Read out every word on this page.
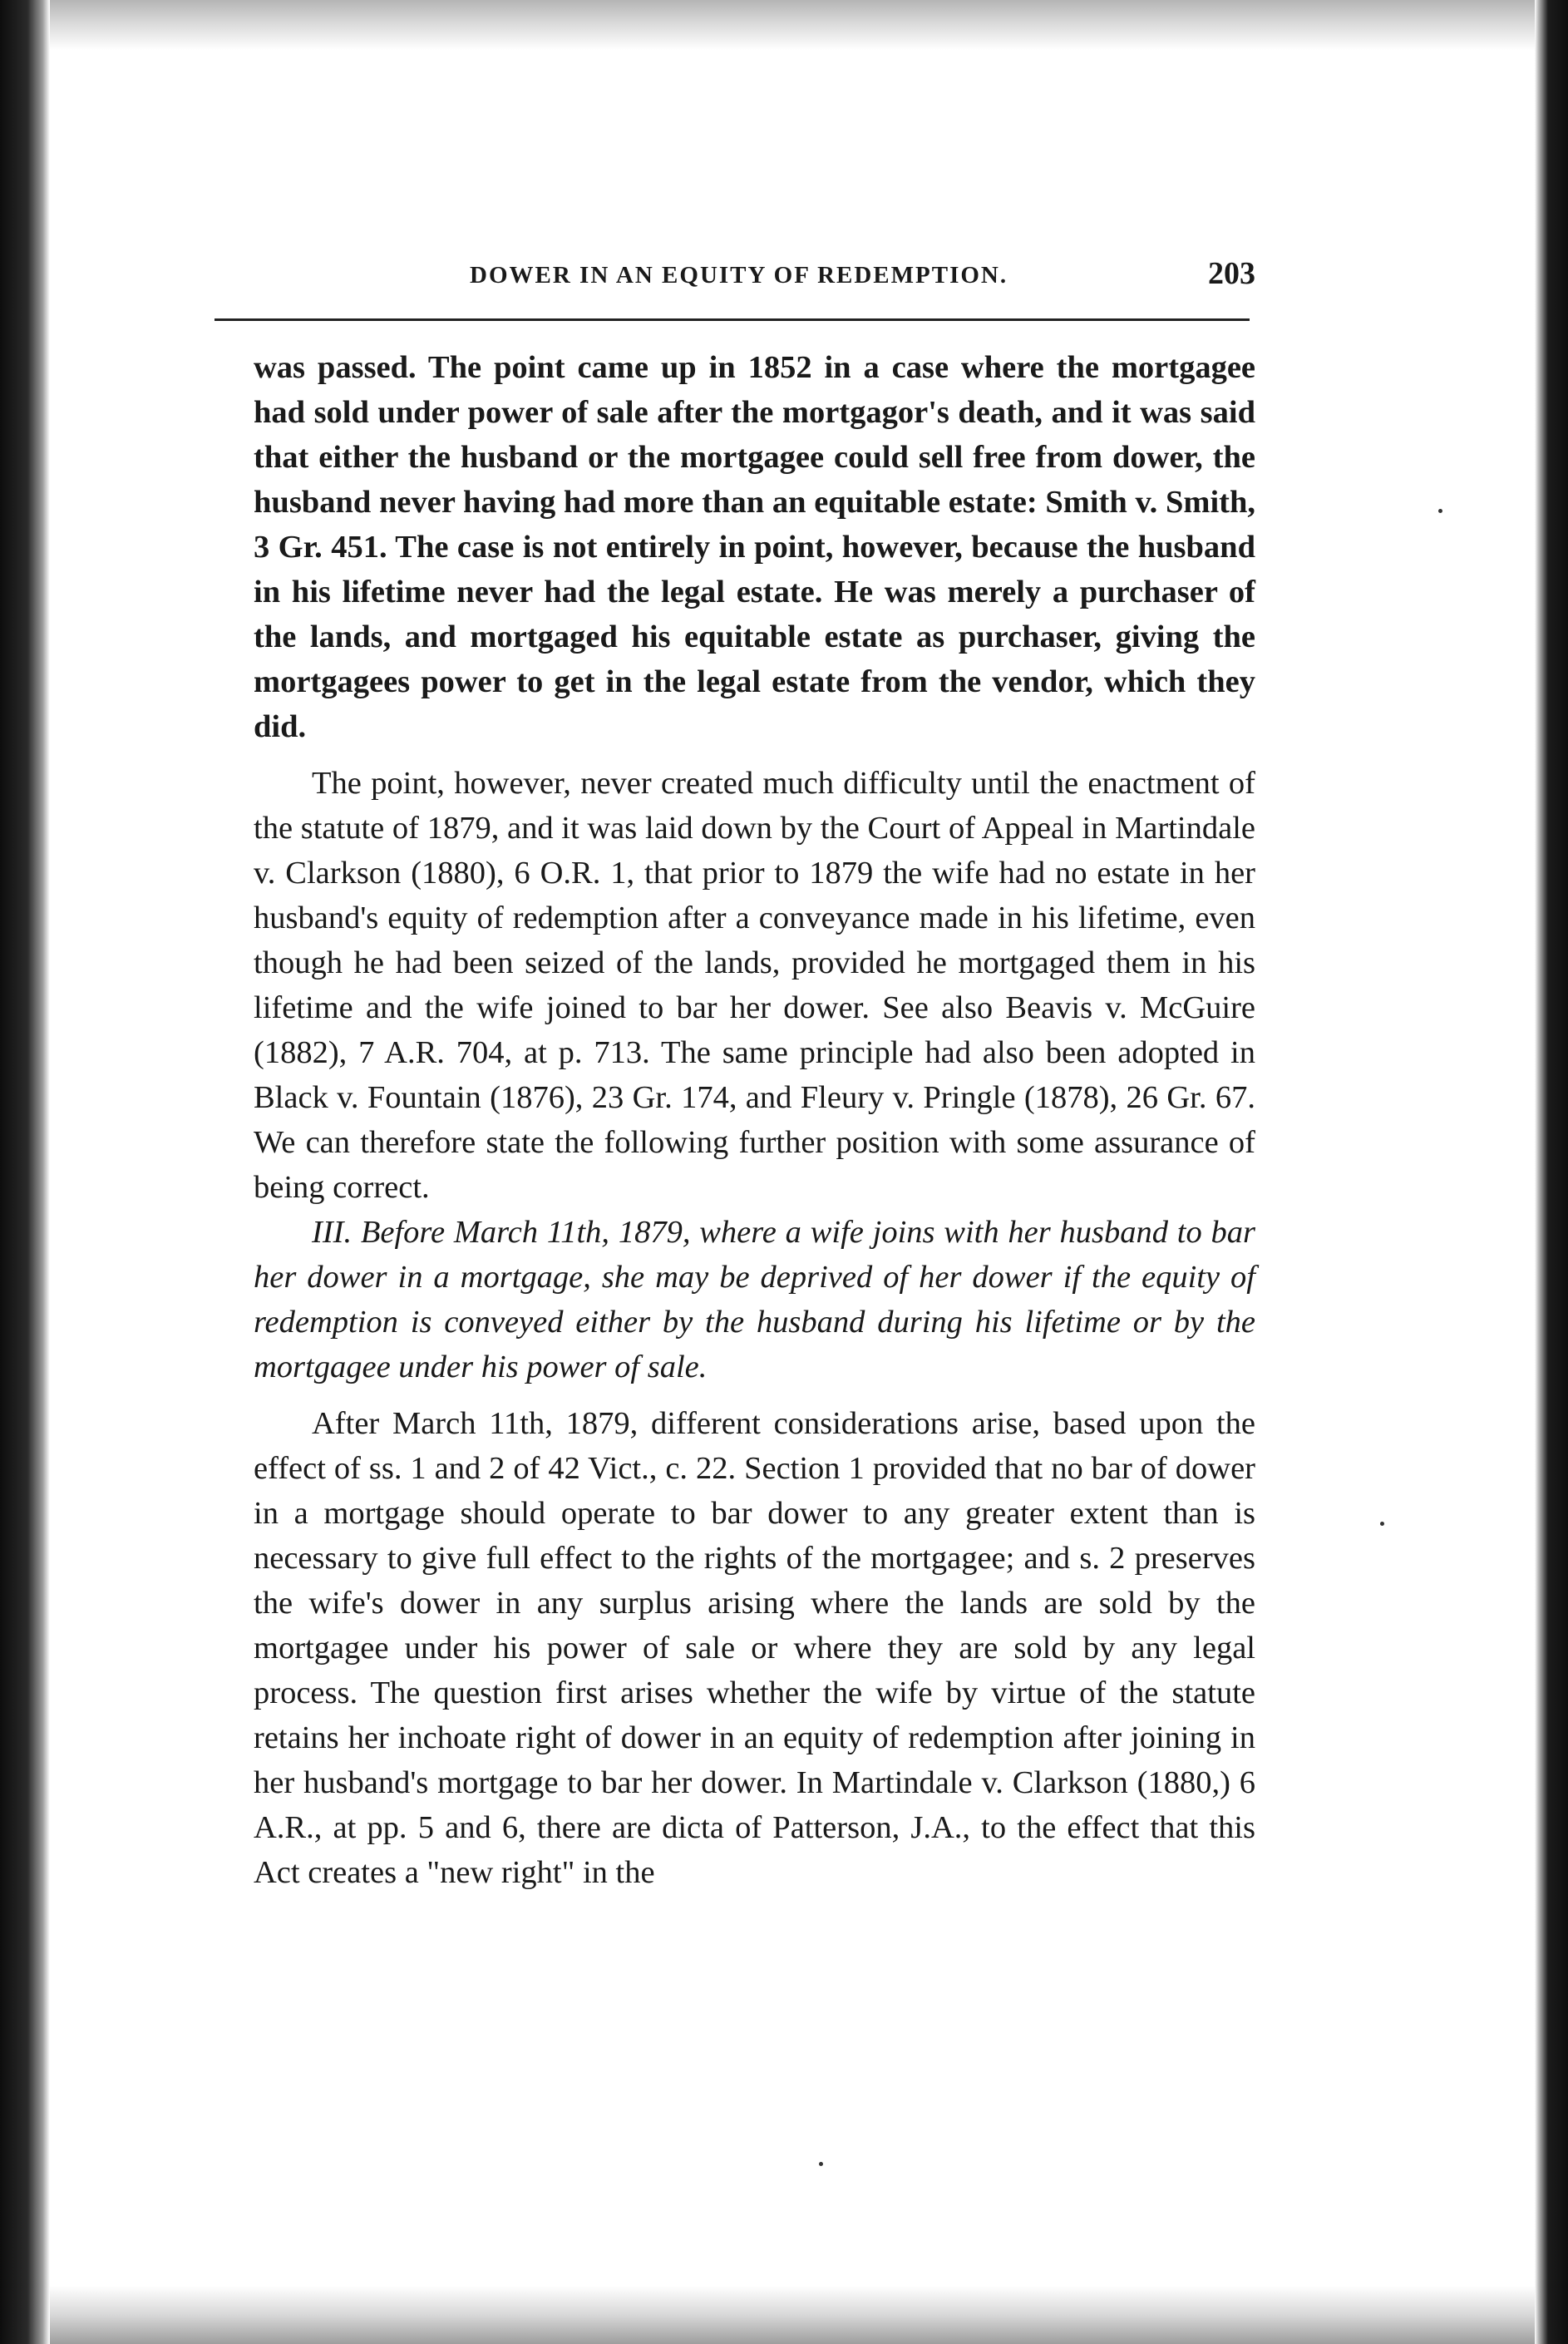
DOWER IN AN EQUITY OF REDEMPTION.	203

was passed. The point came up in 1852 in a case where the mortgagee had sold under power of sale after the mortgagor's death, and it was said that either the husband or the mortgagee could sell free from dower, the husband never having had more than an equitable estate: Smith v. Smith, 3 Gr. 451. The case is not entirely in point, however, because the husband in his lifetime never had the legal estate. He was merely a purchaser of the lands, and mortgaged his equitable estate as purchaser, giving the mortgagees power to get in the legal estate from the vendor, which they did.

The point, however, never created much difficulty until the enactment of the statute of 1879, and it was laid down by the Court of Appeal in Martindale v. Clarkson (1880), 6 O.R. 1, that prior to 1879 the wife had no estate in her husband's equity of redemption after a conveyance made in his lifetime, even though he had been seized of the lands, provided he mortgaged them in his lifetime and the wife joined to bar her dower. See also Beavis v. McGuire (1882), 7 A.R. 704, at p. 713. The same principle had also been adopted in Black v. Fountain (1876), 23 Gr. 174, and Fleury v. Pringle (1878), 26 Gr. 67. We can therefore state the following further position with some assurance of being correct.

III. Before March 11th, 1879, where a wife joins with her husband to bar her dower in a mortgage, she may be deprived of her dower if the equity of redemption is conveyed either by the husband during his lifetime or by the mortgagee under his power of sale.

After March 11th, 1879, different considerations arise, based upon the effect of ss. 1 and 2 of 42 Vict., c. 22. Section 1 provided that no bar of dower in a mortgage should operate to bar dower to any greater extent than is necessary to give full effect to the rights of the mortgagee; and s. 2 preserves the wife's dower in any surplus arising where the lands are sold by the mortgagee under his power of sale or where they are sold by any legal process. The question first arises whether the wife by virtue of the statute retains her inchoate right of dower in an equity of redemption after joining in her husband's mortgage to bar her dower. In Martindale v. Clarkson (1880,) 6 A.R., at pp. 5 and 6, there are dicta of Patterson, J.A., to the effect that this Act creates a "new right" in the
